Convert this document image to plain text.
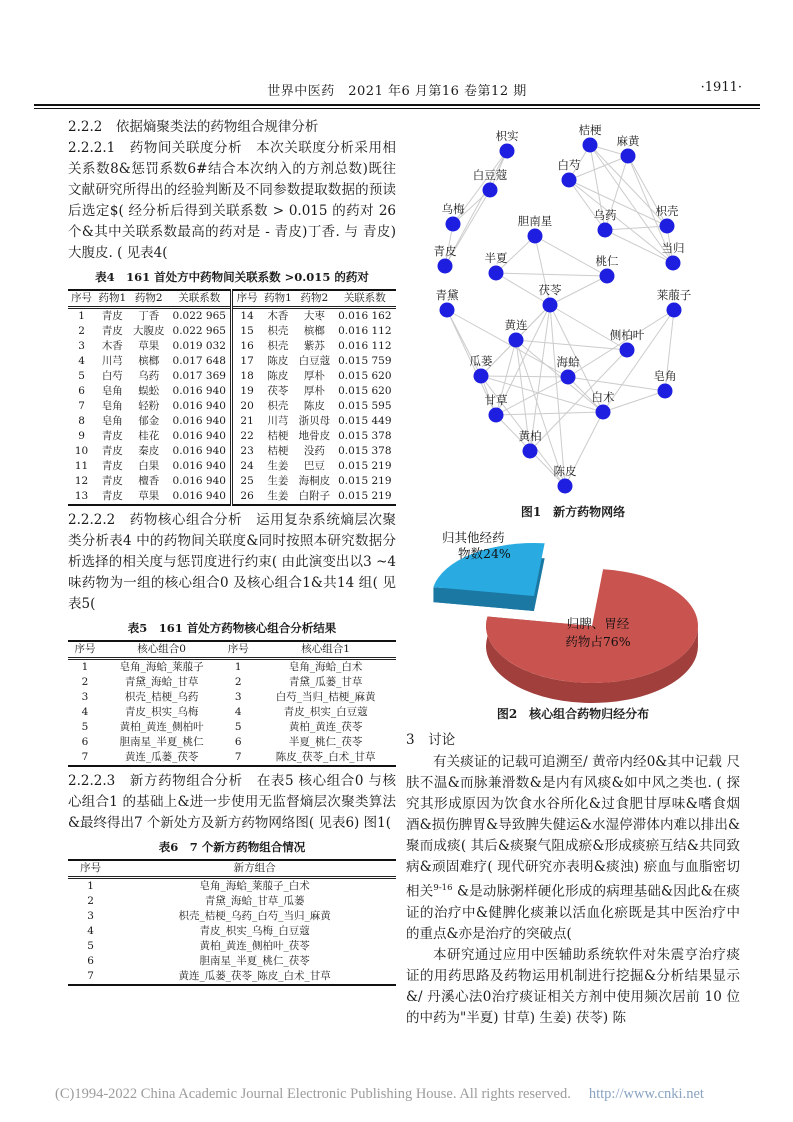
世界中医药　2021 年6 月第16 卷第12 期	·1911·

2.2.2　依据熵聚类法的药物组合规律分析

2.2.2.1　药物间关联度分析　本次关联度分析采用相关系数8&惩罚系数6#结合本次纳入的方剂总数)既往文献研究所得出的经验判断及不同参数提取数据的预读后选定$( 经分析后得到关联系数 > 0.015 的药对 26 个&其中关联系数最高的药对是 - 青皮)丁香. 与 青皮)大腹皮. ( 见表4(

表4　161 首处方中药物间关联系数 >0.015 的药对
序号	药物1	药物2	关联系数	序号	药物1	药物2	关联系数
1	青皮	丁香	0.022 965	14	木香	大枣	0.016 162
2	青皮	大腹皮	0.022 965	15	枳壳	槟榔	0.016 112
3	木香	草果	0.019 032	16	枳壳	紫苏	0.016 112
4	川芎	槟榔	0.017 648	17	陈皮	白豆蔻	0.015 759
5	白芍	乌药	0.017 369	18	陈皮	厚朴	0.015 620
6	皂角	蜈蚣	0.016 940	19	茯苓	厚朴	0.015 620
7	皂角	轻粉	0.016 940	20	枳壳	陈皮	0.015 595
8	皂角	郁金	0.016 940	21	川芎	浙贝母	0.015 449
9	青皮	桂花	0.016 940	22	桔梗	地骨皮	0.015 378
10	青皮	秦皮	0.016 940	23	桔梗	没药	0.015 378
11	青皮	白果	0.016 940	24	生姜	巴豆	0.015 219
12	青皮	檀香	0.016 940	25	生姜	海桐皮	0.015 219
13	青皮	草果	0.016 940	26	生姜	白附子	0.015 219

2.2.2.2　药物核心组合分析　运用复杂系统熵层次聚类分析表4 中的药物间关联度&同时按照本研究数据分析选择的相关度与惩罚度进行约束( 由此演变出以3 ~4 味药物为一组的核心组合0 及核心组合1&共14 组( 见表5(

表5　161 首处方药物核心组合分析结果
序号	核心组合0	序号	核心组合1
1	皂角_海蛤_莱菔子	1	皂角_海蛤_白术
2	青黛_海蛤_甘草	2	青黛_瓜蒌_甘草
3	枳壳_桔梗_乌药	3	白芍_当归_桔梗_麻黄
4	青皮_枳实_乌梅	4	青皮_枳实_白豆蔻
5	黄柏_黄连_侧柏叶	5	黄柏_黄连_茯苓
6	胆南星_半夏_桃仁	6	半夏_桃仁_茯苓
7	黄连_瓜蒌_茯苓	7	陈皮_茯苓_白术_甘草

2.2.2.3　新方药物组合分析　在表5 核心组合0 与核心组合1 的基础上&进一步使用无监督熵层次聚类算法&最终得出7 个新处方及新方药物网络图( 见表6) 图1(

表6　7 个新方药物组合情况
序号	新方组合
1	皂角_海蛤_莱菔子_白术
2	青黛_海蛤_甘草_瓜蒌
3	枳壳_桔梗_乌药_白芍_当归_麻黄
4	青皮_枳实_乌梅_白豆蔻
5	黄柏_黄连_侧柏叶_茯苓
6	胆南星_半夏_桃仁_茯苓
7	黄连_瓜蒌_茯苓_陈皮_白术_甘草
枳实	桔梗
麻黄
白芍
白豆蔻
乌梅
胆南星	乌药	枳壳
青皮 半夏	桃仁
当归
茯苓
青黛	莱菔子
黄连
侧柏叶
瓜蒌	海蛤
皂角
甘草	白术
黄柏
陈皮
图1　新方药物网络
归其他经药
物数24%
归脾、胃经
药物占76%
图2　核心组合药物归经分布

3　讨论

有关痰证的记载可追溯至/ 黄帝内经0&其中记载 尺肤不温&而脉兼滑数&是内有风痰&如中风之类也. ( 探究其形成原因为饮食水谷所化&过食肥甘厚味&嗜食烟酒&损伤脾胃&导致脾失健运&水湿停滞体内难以排出&聚而成痰( 其后&痰聚气阻成瘀&形成痰瘀互结&共同致病&顽固难疗( 现代研究亦表明&痰浊) 瘀血与血脂密切相关$^{9-16}$ &是动脉粥样硬化形成的病理基础&因此&在痰证的治疗中&健脾化痰兼以活血化瘀既是其中医治疗中的重点&亦是治疗的突破点(

本研究通过应用中医辅助系统软件对朱震亨治疗痰证的用药思路及药物运用机制进行挖掘&分析结果显示&/ 丹溪心法0治疗痰证相关方剂中使用频次居前 10 位的中药为"半夏) 甘草) 生姜) 茯苓) 陈

(C)1994-2022 China Academic Journal Electronic Publishing House. All rights reserved. http://www.cnki.net
